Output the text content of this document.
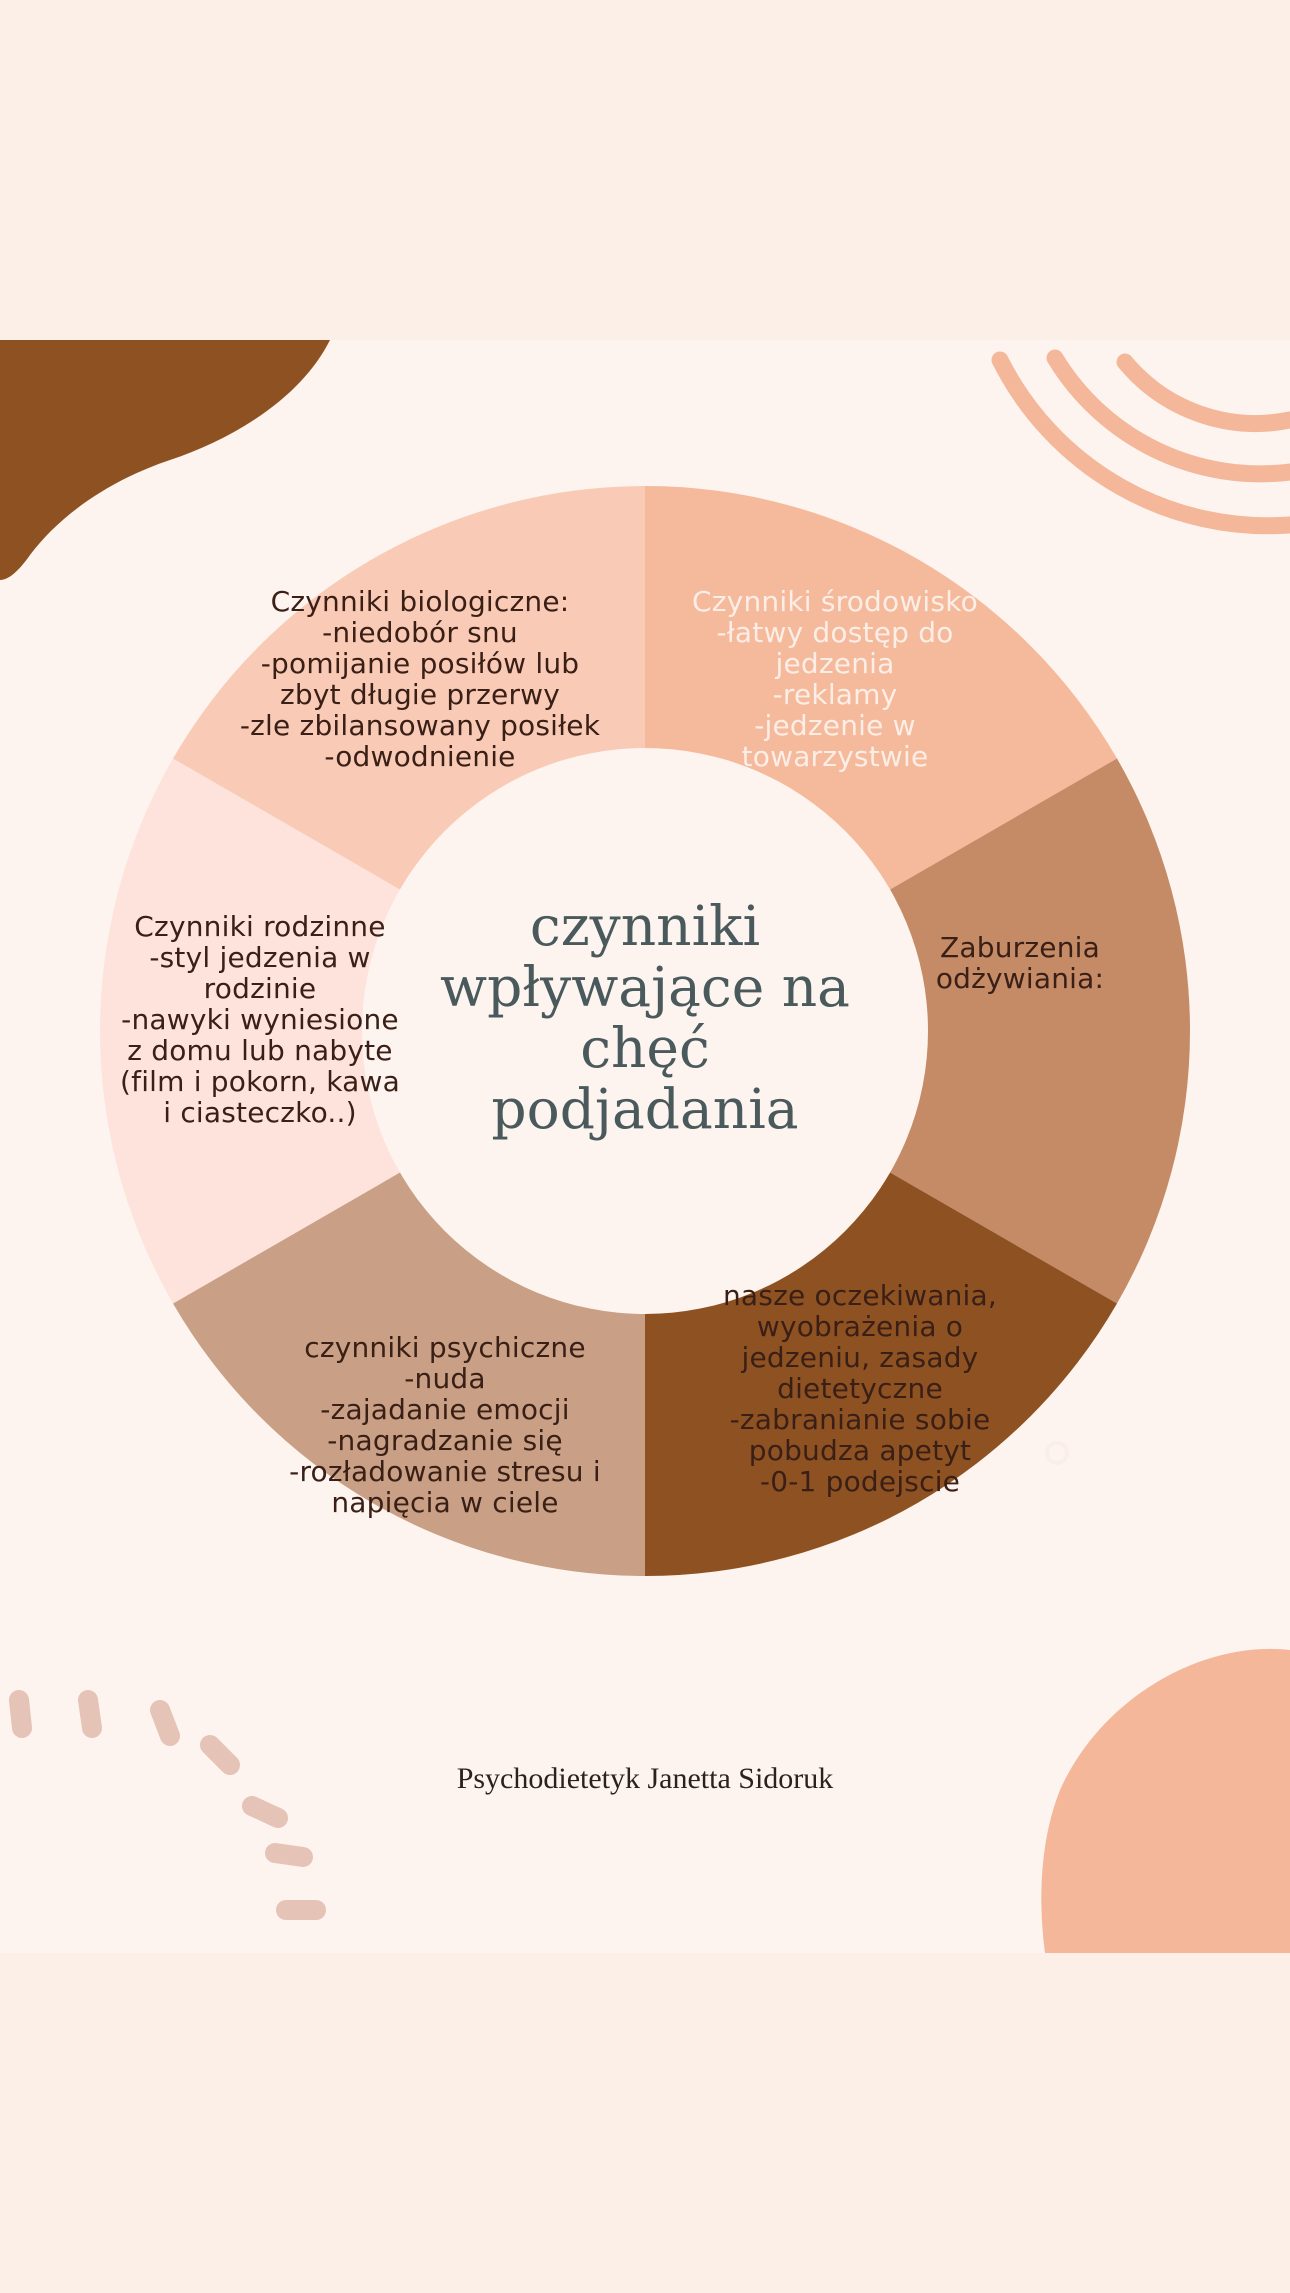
czynniki
wpływające na
chęć
podjadania
Czynniki biologiczne:
-niedobór snu
-pomijanie posiłów lub
zbyt długie przerwy
-zle zbilansowany posiłek
-odwodnienie
Czynniki środowisko
-łatwy dostęp do
jedzenia
-reklamy
-jedzenie w
towarzystwie
Zaburzenia
odżywiania:
nasze oczekiwania,
wyobrażenia o
jedzeniu, zasady
dietetyczne
-zabranianie sobie
pobudza apetyt
-0-1 podejscie
czynniki psychiczne
-nuda
-zajadanie emocji
-nagradzanie się
-rozładowanie stresu i
napięcia w ciele
Czynniki rodzinne
-styl jedzenia w
rodzinie
-nawyki wyniesione
z domu lub nabyte
(film i pokorn, kawa
i ciasteczko..)
Psychodietetyk Janetta Sidoruk
